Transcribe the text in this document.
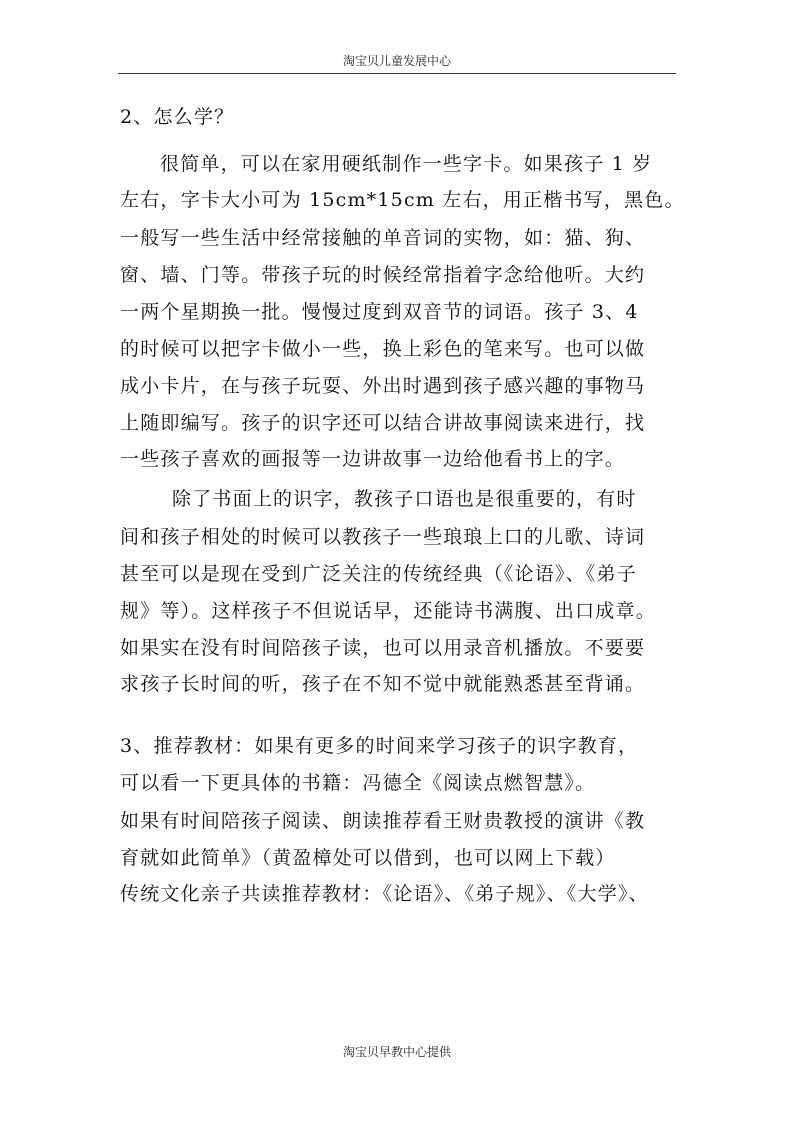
淘宝贝儿童发展中心
2、怎么学？
很简单，可以在家用硬纸制作一些字卡。如果孩子 1 岁
左右，字卡大小可为 15cm*15cm 左右，用正楷书写，黑色。
一般写一些生活中经常接触的单音词的实物，如：猫、狗、
窗、墙、门等。带孩子玩的时候经常指着字念给他听。大约
一两个星期换一批。慢慢过度到双音节的词语。孩子 3、4
的时候可以把字卡做小一些，换上彩色的笔来写。也可以做
成小卡片，在与孩子玩耍、外出时遇到孩子感兴趣的事物马
上随即编写。孩子的识字还可以结合讲故事阅读来进行，找
一些孩子喜欢的画报等一边讲故事一边给他看书上的字。
除了书面上的识字，教孩子口语也是很重要的，有时
间和孩子相处的时候可以教孩子一些琅琅上口的儿歌、诗词
甚至可以是现在受到广泛关注的传统经典（《论语》、《弟子
规》等）。这样孩子不但说话早，还能诗书满腹、出口成章。
如果实在没有时间陪孩子读，也可以用录音机播放。不要要
求孩子长时间的听，孩子在不知不觉中就能熟悉甚至背诵。
3、推荐教材：如果有更多的时间来学习孩子的识字教育，
可以看一下更具体的书籍：冯德全《阅读点燃智慧》。
如果有时间陪孩子阅读、朗读推荐看王财贵教授的演讲《教
育就如此简单》（黄盈樟处可以借到，也可以网上下载）
传统文化亲子共读推荐教材：《论语》、《弟子规》、《大学》、
淘宝贝早教中心提供
